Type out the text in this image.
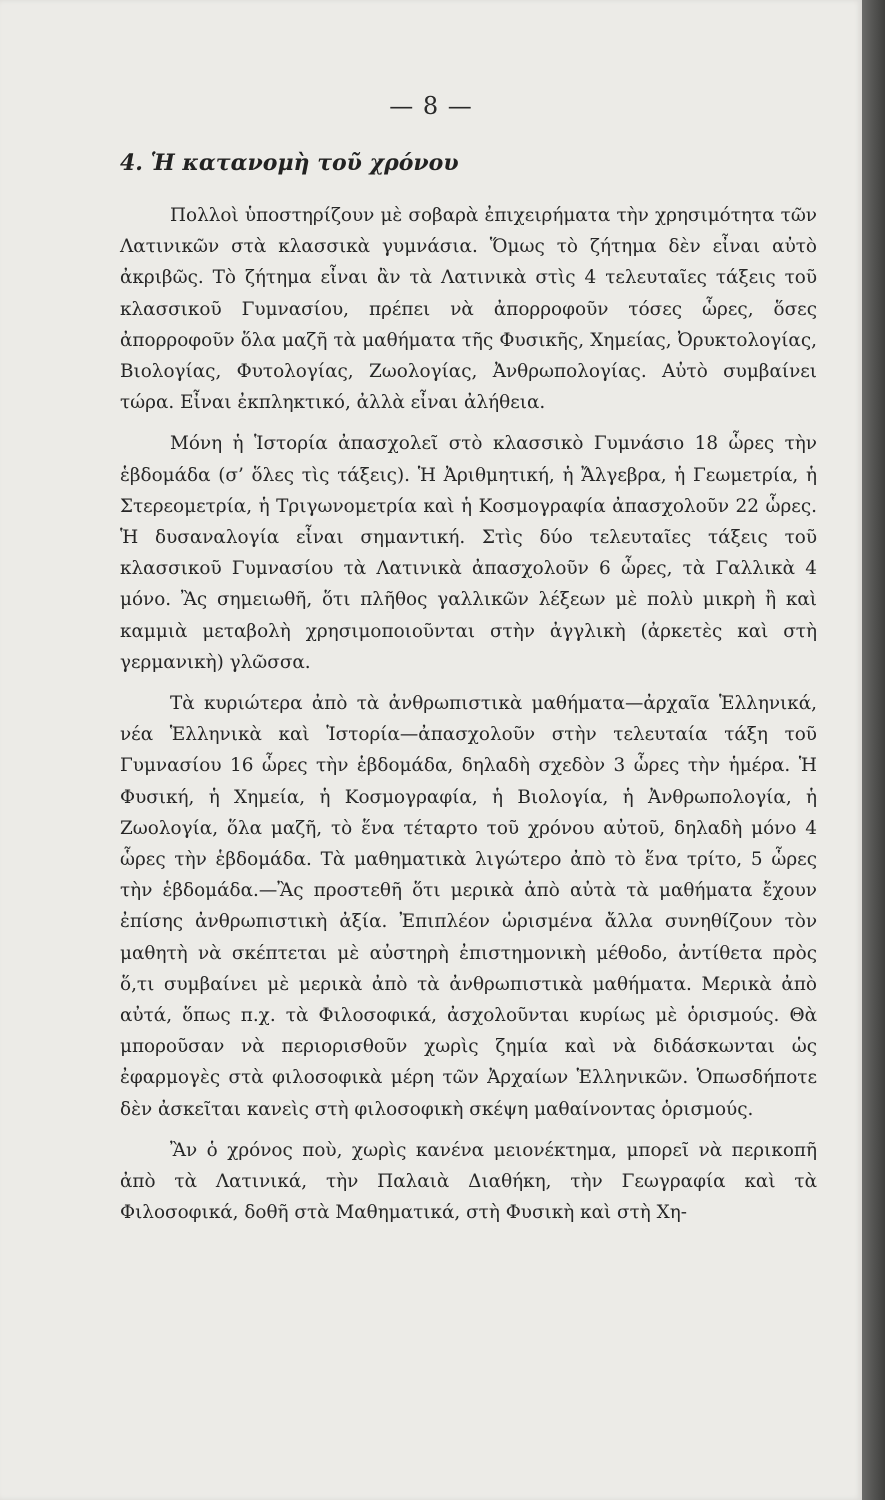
— 8 —
4. Ἡ κατανομὴ τοῦ χρόνου

Πολλοὶ ὑποστηρίζουν μὲ σοβαρὰ ἐπιχειρήματα τὴν χρησιμότητα τῶν Λατινικῶν στὰ κλασσικὰ γυμνάσια. Ὅμως τὸ ζήτημα δὲν εἶναι αὐτὸ ἀκριβῶς. Τὸ ζήτημα εἶναι ἂν τὰ Λατινικὰ στὶς 4 τελευταῖες τάξεις τοῦ κλασσικοῦ Γυμνασίου, πρέπει νὰ ἀπορροφοῦν τόσες ὧρες, ὅσες ἀπορροφοῦν ὅλα μαζῆ τὰ μαθήματα τῆς Φυσικῆς, Χημείας, Ὀρυκτολογίας, Βιολογίας, Φυτολογίας, Ζωολογίας, Ἀνθρωπολογίας. Αὐτὸ συμβαίνει τώρα. Εἶναι ἐκπληκτικό, ἀλλὰ εἶναι ἀλήθεια.

Μόνη ἡ Ἱστορία ἀπασχολεῖ στὸ κλασσικὸ Γυμνάσιο 18 ὧρες τὴν ἑβδομάδα (σ’ ὅλες τὶς τάξεις). Ἡ Ἀριθμητική, ἡ Ἄλγεβρα, ἡ Γεωμετρία, ἡ Στερεομετρία, ἡ Τριγωνομετρία καὶ ἡ Κοσμογραφία ἀπασχολοῦν 22 ὧρες. Ἡ δυσαναλογία εἶναι σημαντική. Στὶς δύο τελευταῖες τάξεις τοῦ κλασσικοῦ Γυμνασίου τὰ Λατινικὰ ἀπασχολοῦν 6 ὧρες, τὰ Γαλλικὰ 4 μόνο. Ἂς σημειωθῆ, ὅτι πλῆθος γαλλικῶν λέξεων μὲ πολὺ μικρὴ ἢ καὶ καμμιὰ μεταβολὴ χρησιμοποιοῦνται στὴν ἀγγλικὴ (ἀρκετὲς καὶ στὴ γερμανικὴ) γλῶσσα.

Τὰ κυριώτερα ἀπὸ τὰ ἀνθρωπιστικὰ μαθήματα—ἀρχαῖα Ἑλληνικά, νέα Ἑλληνικὰ καὶ Ἱστορία—ἀπασχολοῦν στὴν τελευταία τάξη τοῦ Γυμνασίου 16 ὧρες τὴν ἑβδομάδα, δηλαδὴ σχεδὸν 3 ὧρες τὴν ἡμέρα. Ἡ Φυσική, ἡ Χημεία, ἡ Κοσμογραφία, ἡ Βιολογία, ἡ Ἀνθρωπολογία, ἡ Ζωολογία, ὅλα μαζῆ, τὸ ἕνα τέταρτο τοῦ χρόνου αὐτοῦ, δηλαδὴ μόνο 4 ὧρες τὴν ἑβδομάδα. Τὰ μαθηματικὰ λιγώτερο ἀπὸ τὸ ἕνα τρίτο, 5 ὧρες τὴν ἑβδομάδα.—Ἂς προστεθῆ ὅτι μερικὰ ἀπὸ αὐτὰ τὰ μαθήματα ἔχουν ἐπίσης ἀνθρωπιστικὴ ἀξία. Ἐπιπλέον ὡρισμένα ἄλλα συνηθίζουν τὸν μαθητὴ νὰ σκέπτεται μὲ αὐστηρὴ ἐπιστημονικὴ μέθοδο, ἀντίθετα πρὸς ὅ,τι συμβαίνει μὲ μερικὰ ἀπὸ τὰ ἀνθρωπιστικὰ μαθήματα. Μερικὰ ἀπὸ αὐτά, ὅπως π.χ. τὰ Φιλοσοφικά, ἀσχολοῦνται κυρίως μὲ ὁρισμούς. Θὰ μποροῦσαν νὰ περιορισθοῦν χωρὶς ζημία καὶ νὰ διδάσκωνται ὡς ἐφαρμογὲς στὰ φιλοσοφικὰ μέρη τῶν Ἀρχαίων Ἑλληνικῶν. Ὁπωσδήποτε δὲν ἀσκεῖται κανεὶς στὴ φιλοσοφικὴ σκέψη μαθαίνοντας ὁρισμούς.

Ἂν ὁ χρόνος ποὺ, χωρὶς κανένα μειονέκτημα, μπορεῖ νὰ περικοπῆ ἀπὸ τὰ Λατινικά, τὴν Παλαιὰ Διαθήκη, τὴν Γεωγραφία καὶ τὰ Φιλοσοφικά, δοθῆ στὰ Μαθηματικά, στὴ Φυσικὴ καὶ στὴ Χη-
